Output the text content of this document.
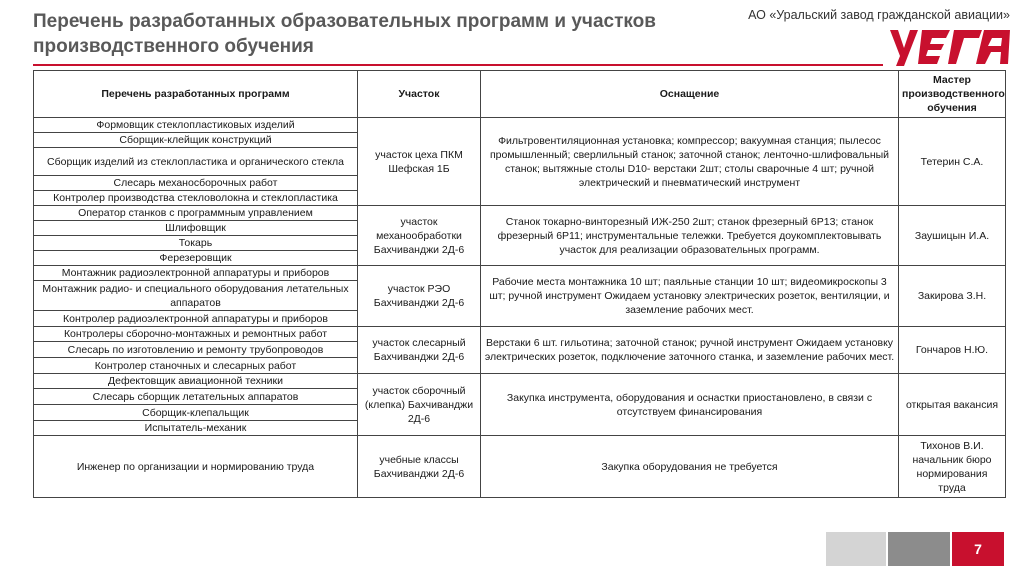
Перечень разработанных образовательных программ и участков производственного обучения
АО «Уральский завод гражданской авиации»
Перечень разработанных программ	Участок	Оснащение	Мастер производственного обучения
Формовщик стеклопластиковых изделий	участок цеха ПКМ Шефская 1Б	Фильтровентиляционная установка; компрессор; вакуумная станция; пылесос промышленный; сверлильный станок; заточной станок; ленточно-шлифовальный станок; вытяжные столы D10- верстаки 2шт; столы сварочные 4 шт; ручной электрический и пневматический инструмент	Тетерин С.А.
Сборщик-клейщик конструкций			
Сборщик изделий из стеклопластика и органического стекла			
Слесарь механосборочных работ			
Контролер производства стекловолокна и стеклопластика			
Оператор станков с программным управлением	участок механообработки Бахчиванджи 2Д-6	Станок токарно-винторезный ИЖ-250 2шт; станок фрезерный 6Р13; станок фрезерный 6Р11; инструментальные тележки. Требуется доукомплектовывать участок для реализации образовательных программ.	Заушицын И.А.
Шлифовщик			
Токарь			
Ферезеровщик			
Монтажник радиоэлектронной аппаратуры и приборов	участок РЭО Бахчиванджи 2Д-6	Рабочие места монтажника 10 шт; паяльные станции 10 шт; видеомикроскопы 3 шт; ручной инструмент Ожидаем установку электрических розеток, вентиляции, и заземление рабочих мест.	Закирова З.Н.
Монтажник радио- и специального оборудования летательных аппаратов			
Контролер радиоэлектронной аппаратуры и приборов			
Контролеры сборочно-монтажных и ремонтных работ	участок слесарный Бахчиванджи 2Д-6	Верстаки 6 шт. гильотина; заточной станок; ручной инструмент Ожидаем установку электрических розеток, подключение заточного станка, и заземление рабочих мест.	Гончаров Н.Ю.
Слесарь по изготовлению и ремонту трубопроводов			
Контролер станочных и слесарных работ			
Дефектовщик авиационной техники	участок сборочный (клепка) Бахчиванджи 2Д-6	Закупка инструмента, оборудования и оснастки приостановлено, в связи с отсутствуем финансирования	открытая вакансия
Слесарь сборщик летательных аппаратов			
Сборщик-клепальщик			
Испытатель-механик			
Инженер по организации и нормированию труда	учебные классы Бахчиванджи 2Д-6	Закупка оборудования не требуется	Тихонов В.И. начальник бюро нормирования труда
7
